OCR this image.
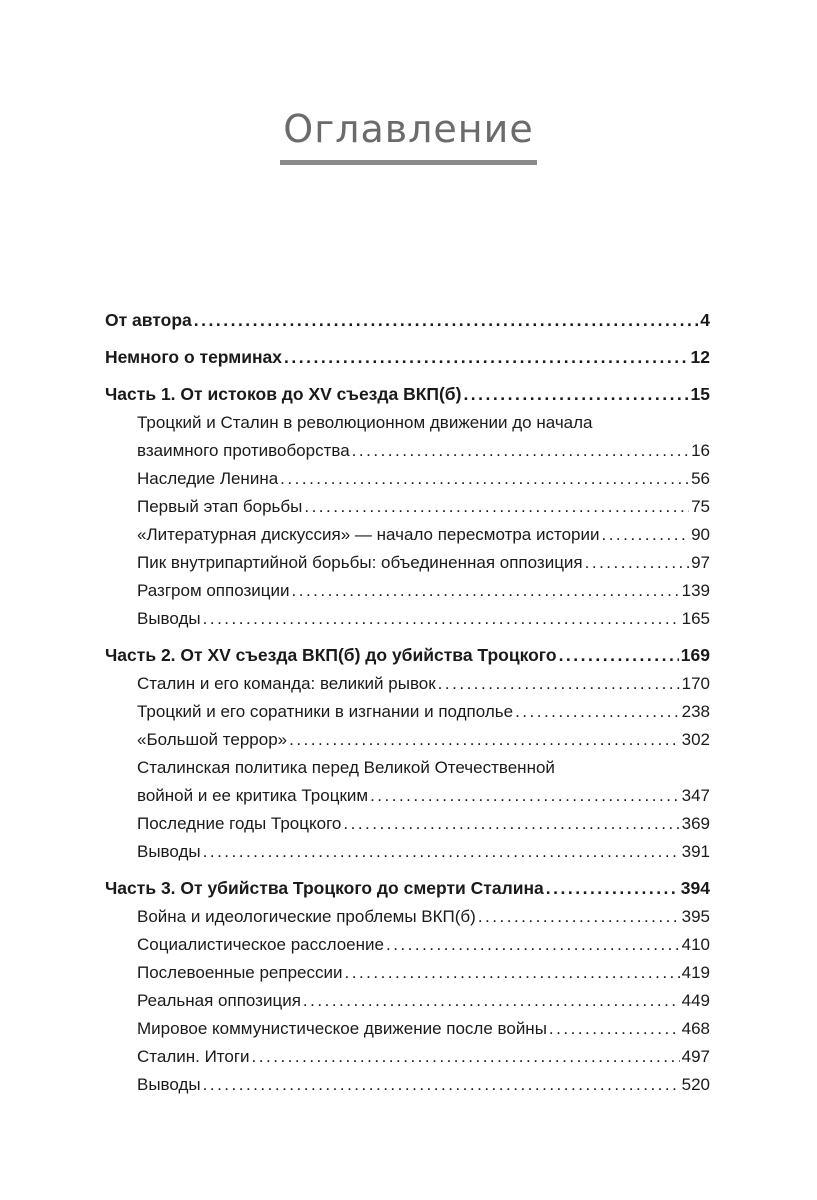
Оглавление
От автора .....	4
Немного о терминах .....	12
Часть 1. От истоков до XV съезда ВКП(б) .....	15
Троцкий и Сталин в революционном движении до начала
взаимного противоборства .....	16
Наследие Ленина .....	56
Первый этап борьбы .....	75
«Литературная дискуссия» — начало пересмотра истории .....	90
Пик внутрипартийной борьбы: объединенная оппозиция .....	97
Разгром оппозиции .....	139
Выводы .....	165
Часть 2. От XV съезда ВКП(б) до убийства Троцкого .....	169
Сталин и его команда: великий рывок .....	170
Троцкий и его соратники в изгнании и подполье .....	238
«Большой террор» .....	302
Сталинская политика перед Великой Отечественной
войной и ее критика Троцким .....	347
Последние годы Троцкого .....	369
Выводы .....	391
Часть 3. От убийства Троцкого до смерти Сталина .....	394
Война и идеологические проблемы ВКП(б) .....	395
Социалистическое расслоение .....	410
Послевоенные репрессии .....	419
Реальная оппозиция .....	449
Мировое коммунистическое движение после войны .....	468
Сталин. Итоги .....	497
Выводы .....	520
